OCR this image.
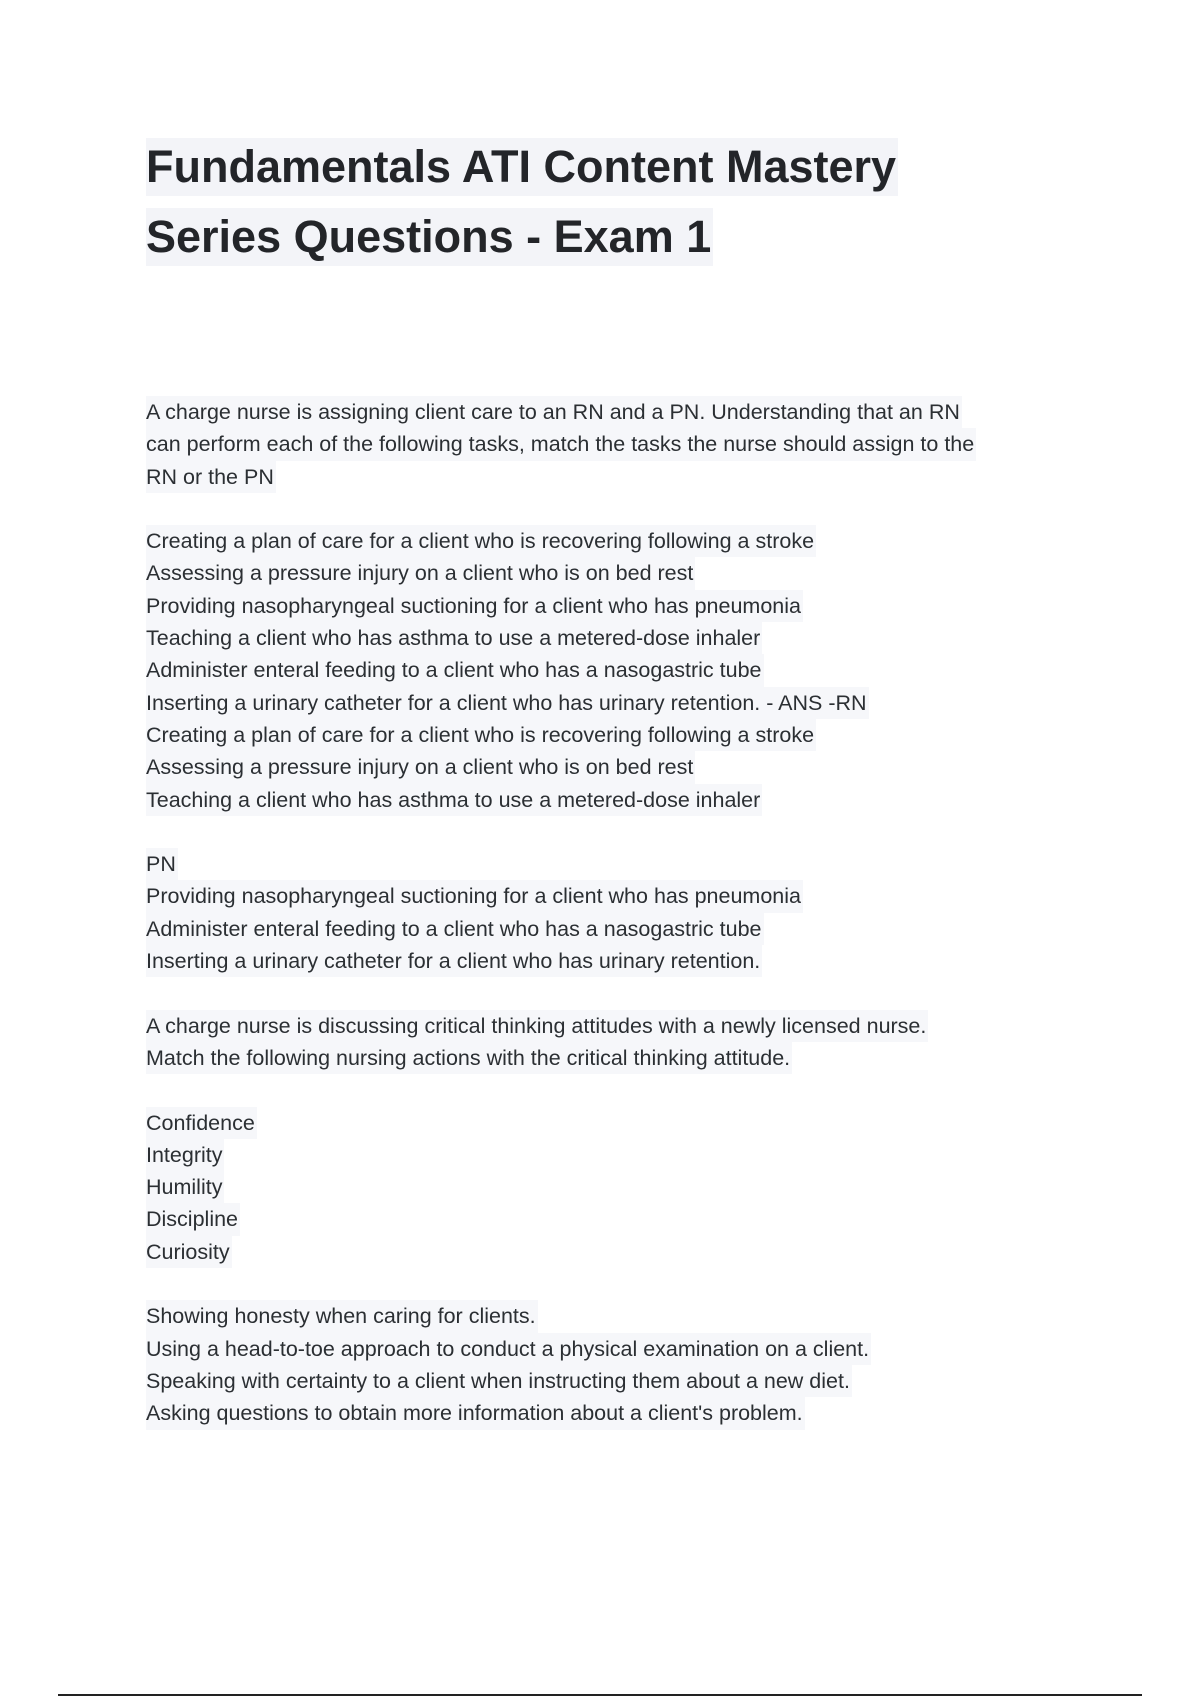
Fundamentals ATI Content Mastery
Series Questions - Exam 1
A charge nurse is assigning client care to an RN and a PN. Understanding that an RN
can perform each of the following tasks, match the tasks the nurse should assign to the
RN or the PN
Creating a plan of care for a client who is recovering following a stroke
Assessing a pressure injury on a client who is on bed rest
Providing nasopharyngeal suctioning for a client who has pneumonia
Teaching a client who has asthma to use a metered-dose inhaler
Administer enteral feeding to a client who has a nasogastric tube
Inserting a urinary catheter for a client who has urinary retention. - ANS -RN
Creating a plan of care for a client who is recovering following a stroke
Assessing a pressure injury on a client who is on bed rest
Teaching a client who has asthma to use a metered-dose inhaler
PN
Providing nasopharyngeal suctioning for a client who has pneumonia
Administer enteral feeding to a client who has a nasogastric tube
Inserting a urinary catheter for a client who has urinary retention.
A charge nurse is discussing critical thinking attitudes with a newly licensed nurse.
Match the following nursing actions with the critical thinking attitude.
Confidence
Integrity
Humility
Discipline
Curiosity
Showing honesty when caring for clients.
Using a head-to-toe approach to conduct a physical examination on a client.
Speaking with certainty to a client when instructing them about a new diet.
Asking questions to obtain more information about a client's problem.
